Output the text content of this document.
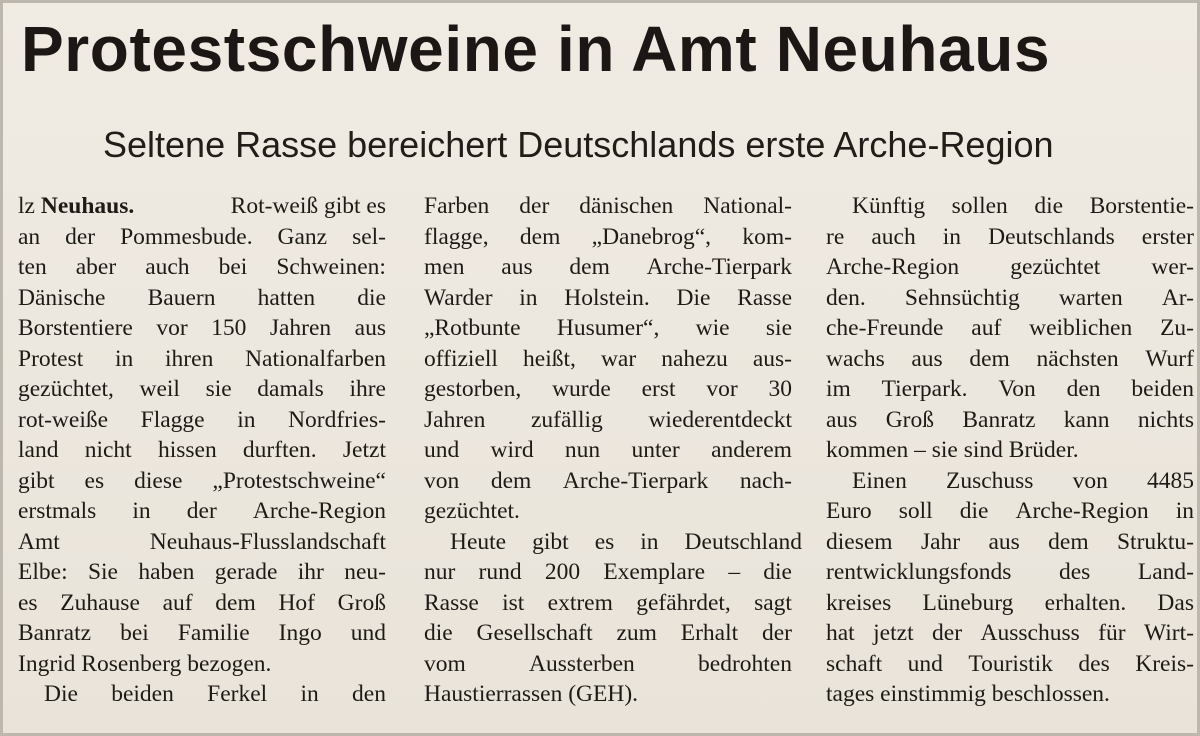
Protestschweine in Amt Neuhaus
Seltene Rasse bereichert Deutschlands erste Arche-Region

lz Neuhaus.	Rot-weiß gibt es

an der Pommesbude. Ganz sel-

ten aber auch bei Schweinen:

Dänische Bauern hatten die

Borstentiere vor 150 Jahren aus

Protest in ihren Nationalfarben

gezüchtet, weil sie damals ihre

rot-weiße Flagge in Nordfries-

land nicht hissen durften. Jetzt

gibt es diese „Protestschweine“

erstmals in der Arche-Region

Amt	Neuhaus-Flusslandschaft

Elbe: Sie haben gerade ihr neu-

es Zuhause auf dem Hof Groß

Banratz bei Familie Ingo und

Ingrid Rosenberg bezogen.

Die	beiden	Ferkel	in	den

Farben der dänischen National-

flagge, dem „Danebrog“, kom-

men aus dem Arche-Tierpark

Warder in Holstein. Die Rasse

„Rotbunte Husumer“, wie sie

offiziell heißt, war nahezu aus-

gestorben, wurde erst vor 30

Jahren zufällig wiederentdeckt

und wird nun unter anderem

von dem Arche-Tierpark nach-

gezüchtet.

Heute	gibt	es	in	Deutschland

nur rund 200 Exemplare – die

Rasse ist extrem gefährdet, sagt

die Gesellschaft zum Erhalt der

vom	Aussterben	bedrohten

Haustierrassen (GEH).

Künftig	sollen	die	Borstentie-

re auch in Deutschlands erster

Arche-Region gezüchtet wer-

den. Sehnsüchtig warten Ar-

che-Freunde auf weiblichen Zu-

wachs aus dem nächsten Wurf

im Tierpark. Von den beiden

aus Groß Banratz kann nichts

kommen – sie sind Brüder.

Einen	Zuschuss	von	4485

Euro soll die Arche-Region in

diesem Jahr aus dem Struktu-

rentwicklungsfonds des Land-

kreises Lüneburg erhalten. Das

hat jetzt der Ausschuss für Wirt-

schaft und Touristik des Kreis-

tages einstimmig beschlossen.
